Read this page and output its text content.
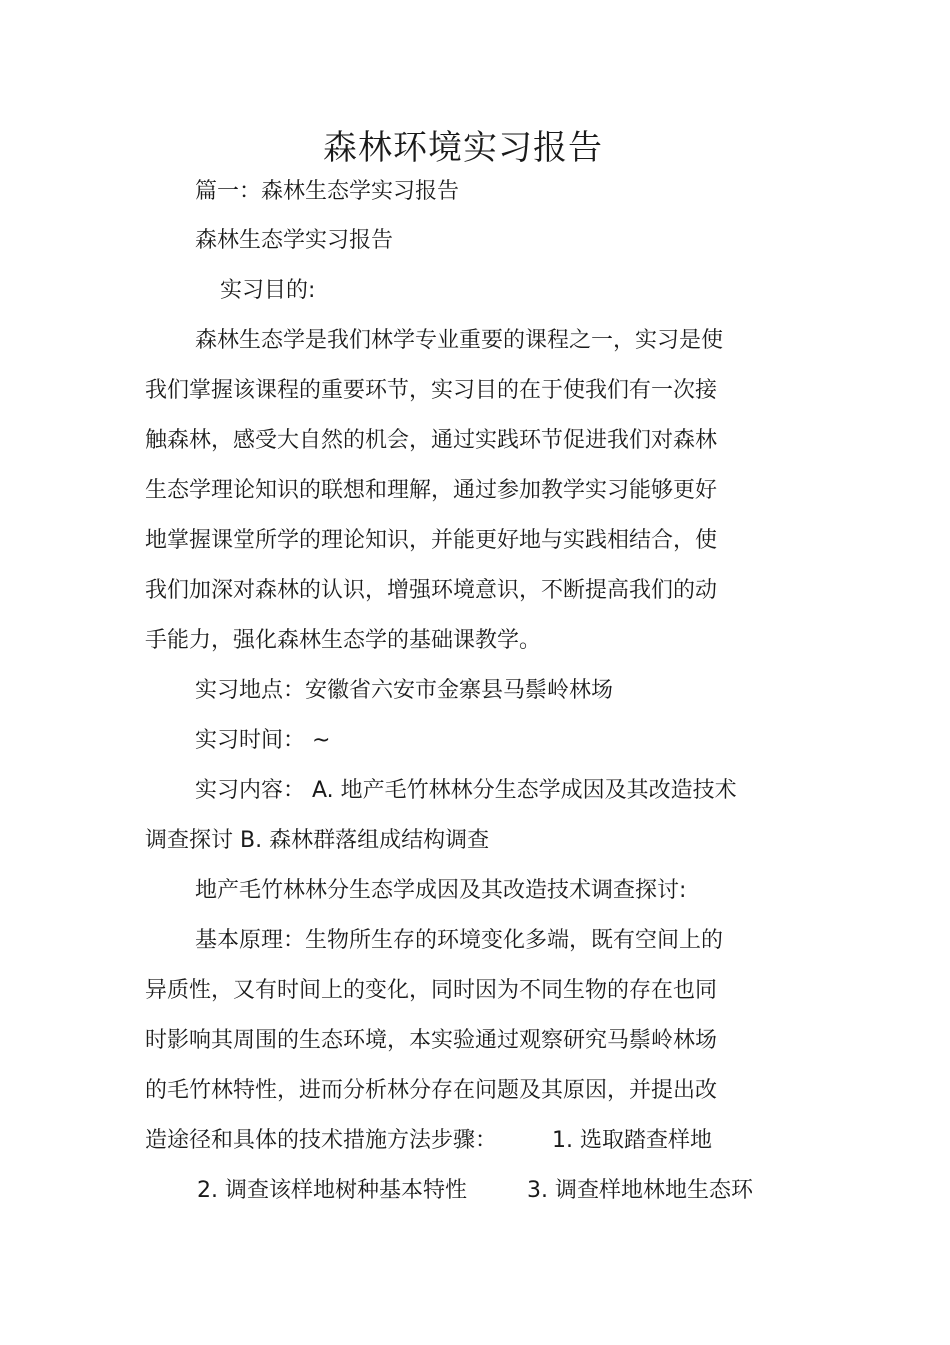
森林环境实习报告
篇一：森林生态学实习报告
森林生态学实习报告
实习目的:
森林生态学是我们林学专业重要的课程之一，实习是使
我们掌握该课程的重要环节，实习目的在于使我们有一次接
触森林，感受大自然的机会，通过实践环节促进我们对森林
生态学理论知识的联想和理解，通过参加教学实习能够更好
地掌握课堂所学的理论知识，并能更好地与实践相结合，使
我们加深对森林的认识，增强环境意识，不断提高我们的动
手能力，强化森林生态学的基础课教学。
实习地点：安徽省六安市金寨县马鬃岭林场
实习时间： ~
实习内容： A. 地产毛竹林林分生态学成因及其改造技术
调查探讨 B. 森林群落组成结构调查
地产毛竹林林分生态学成因及其改造技术调查探讨:
基本原理：生物所生存的环境变化多端，既有空间上的
异质性，又有时间上的变化，同时因为不同生物的存在也同
时影响其周围的生态环境，本实验通过观察研究马鬃岭林场
的毛竹林特性，进而分析林分存在问题及其原因，并提出改
造途径和具体的技术措施方法步骤： 1. 选取踏查样地
2. 调查该样地树种基本特性	3. 调查样地林地生态环
